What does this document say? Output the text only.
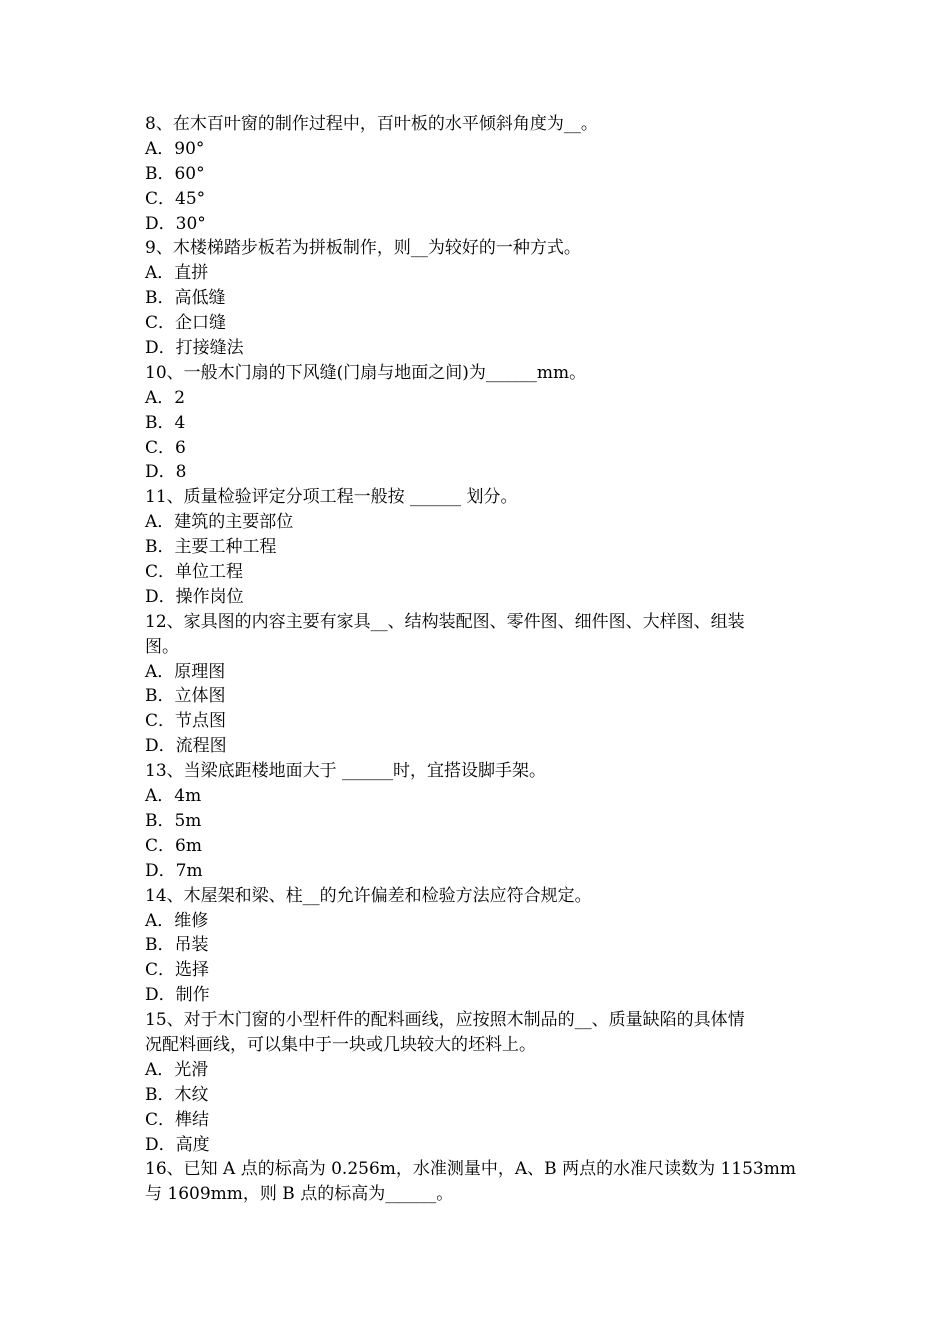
8、在木百叶窗的制作过程中，百叶板的水平倾斜角度为__。
A．90°
B．60°
C．45°
D．30°
9、木楼梯踏步板若为拼板制作，则__为较好的一种方式。
A．直拼
B．高低缝
C．企口缝
D．打接缝法
10、一般木门扇的下风缝(门扇与地面之间)为______mm。
A．2
B．4
C．6
D．8
11、质量检验评定分项工程一般按 ______ 划分。
A．建筑的主要部位
B．主要工种工程
C．单位工程
D．操作岗位
12、家具图的内容主要有家具__、结构装配图、零件图、细件图、大样图、组装
图。
A．原理图
B．立体图
C．节点图
D．流程图
13、当梁底距楼地面大于 ______时，宜搭设脚手架。
A．4m
B．5m
C．6m
D．7m
14、木屋架和梁、柱__的允许偏差和检验方法应符合规定。
A．维修
B．吊装
C．选择
D．制作
15、对于木门窗的小型杆件的配料画线，应按照木制品的__、质量缺陷的具体情
况配料画线，可以集中于一块或几块较大的坯料上。
A．光滑
B．木纹
C．榫结
D．高度
16、已知 A 点的标高为 0.256m，水准测量中，A、B 两点的水准尺读数为 1153mm
与 1609mm，则 B 点的标高为______。
